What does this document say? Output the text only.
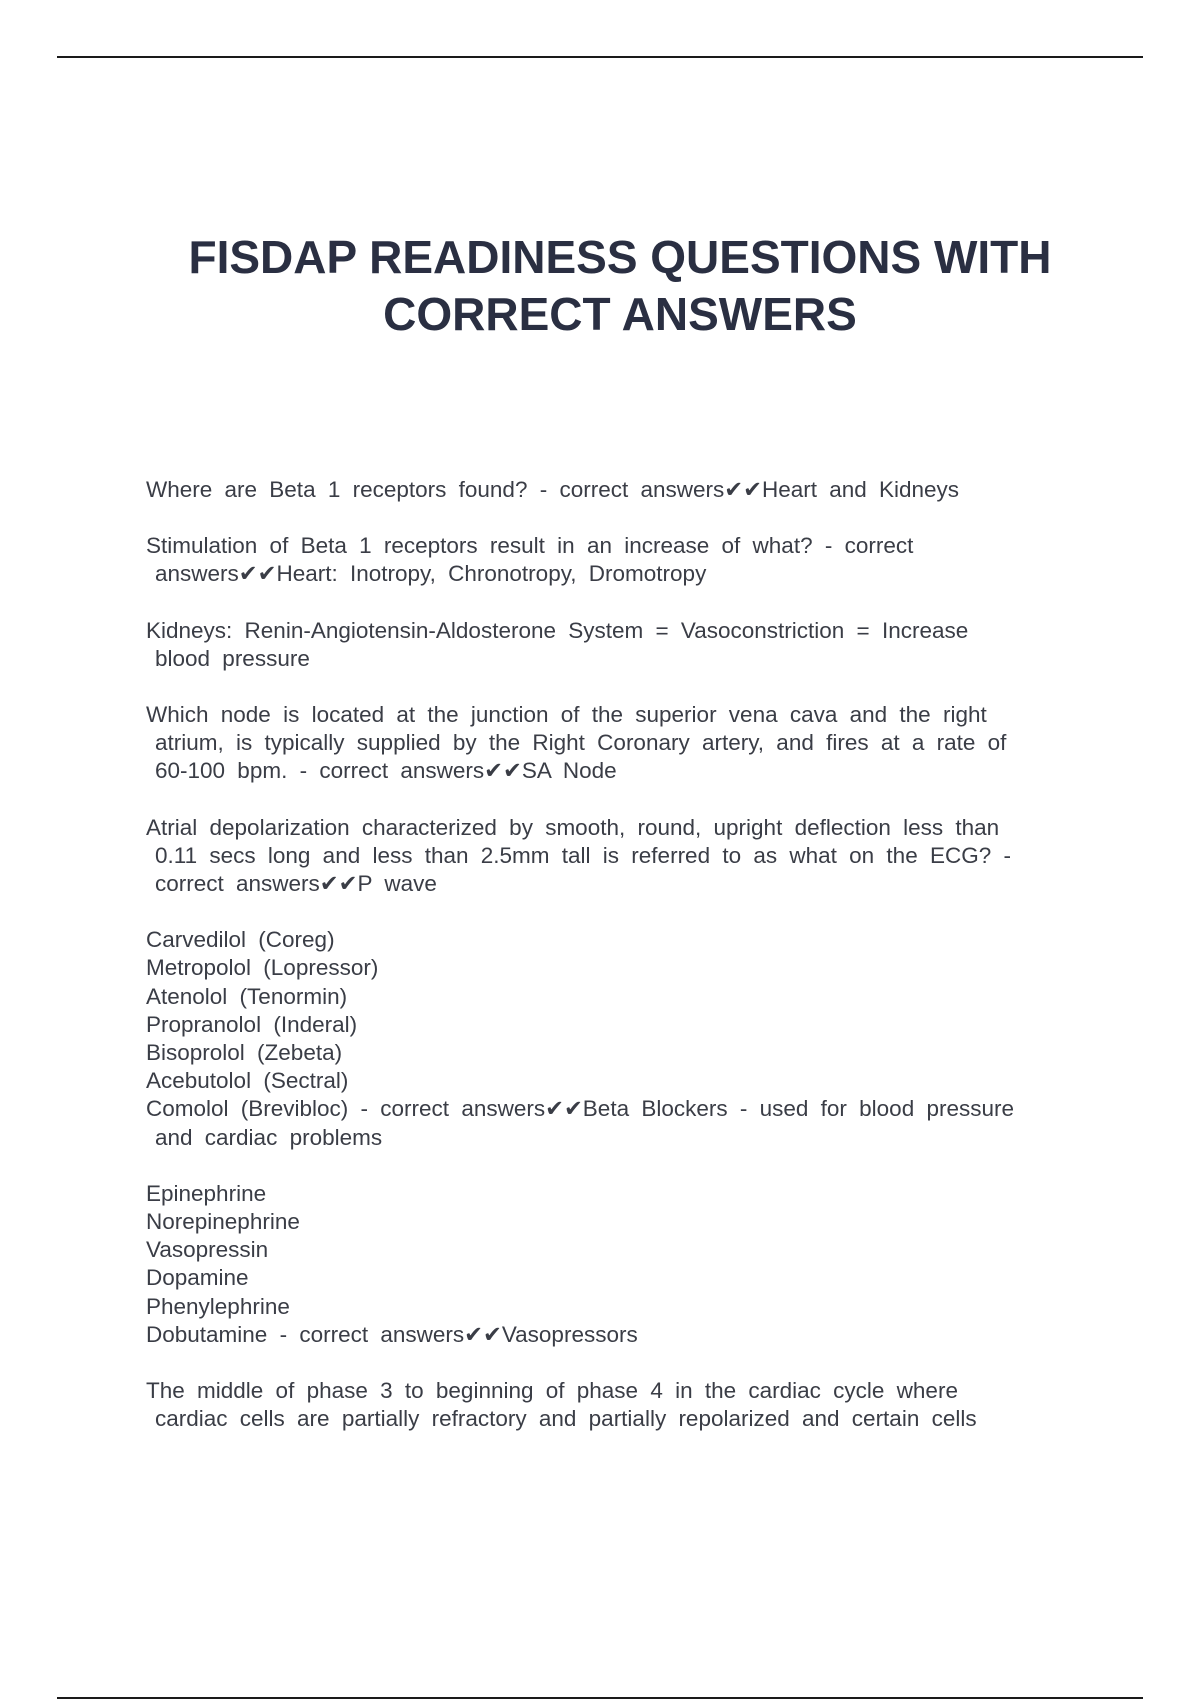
FISDAP READINESS QUESTIONS WITH
CORRECT ANSWERS
Where are Beta 1 receptors found? - correct answers✔✔Heart and Kidneys
Stimulation of Beta 1 receptors result in an increase of what? - correct
answers✔✔Heart: Inotropy, Chronotropy, Dromotropy
Kidneys: Renin-Angiotensin-Aldosterone System = Vasoconstriction = Increase
blood pressure
Which node is located at the junction of the superior vena cava and the right
atrium, is typically supplied by the Right Coronary artery, and fires at a rate of
60-100 bpm. - correct answers✔✔SA Node
Atrial depolarization characterized by smooth, round, upright deflection less than
0.11 secs long and less than 2.5mm tall is referred to as what on the ECG? -
correct answers✔✔P wave
Carvedilol (Coreg)
Metropolol (Lopressor)
Atenolol (Tenormin)
Propranolol (Inderal)
Bisoprolol (Zebeta)
Acebutolol (Sectral)
Comolol (Brevibloc) - correct answers✔✔Beta Blockers - used for blood pressure
and cardiac problems
Epinephrine
Norepinephrine
Vasopressin
Dopamine
Phenylephrine
Dobutamine - correct answers✔✔Vasopressors
The middle of phase 3 to beginning of phase 4 in the cardiac cycle where
cardiac cells are partially refractory and partially repolarized and certain cells
